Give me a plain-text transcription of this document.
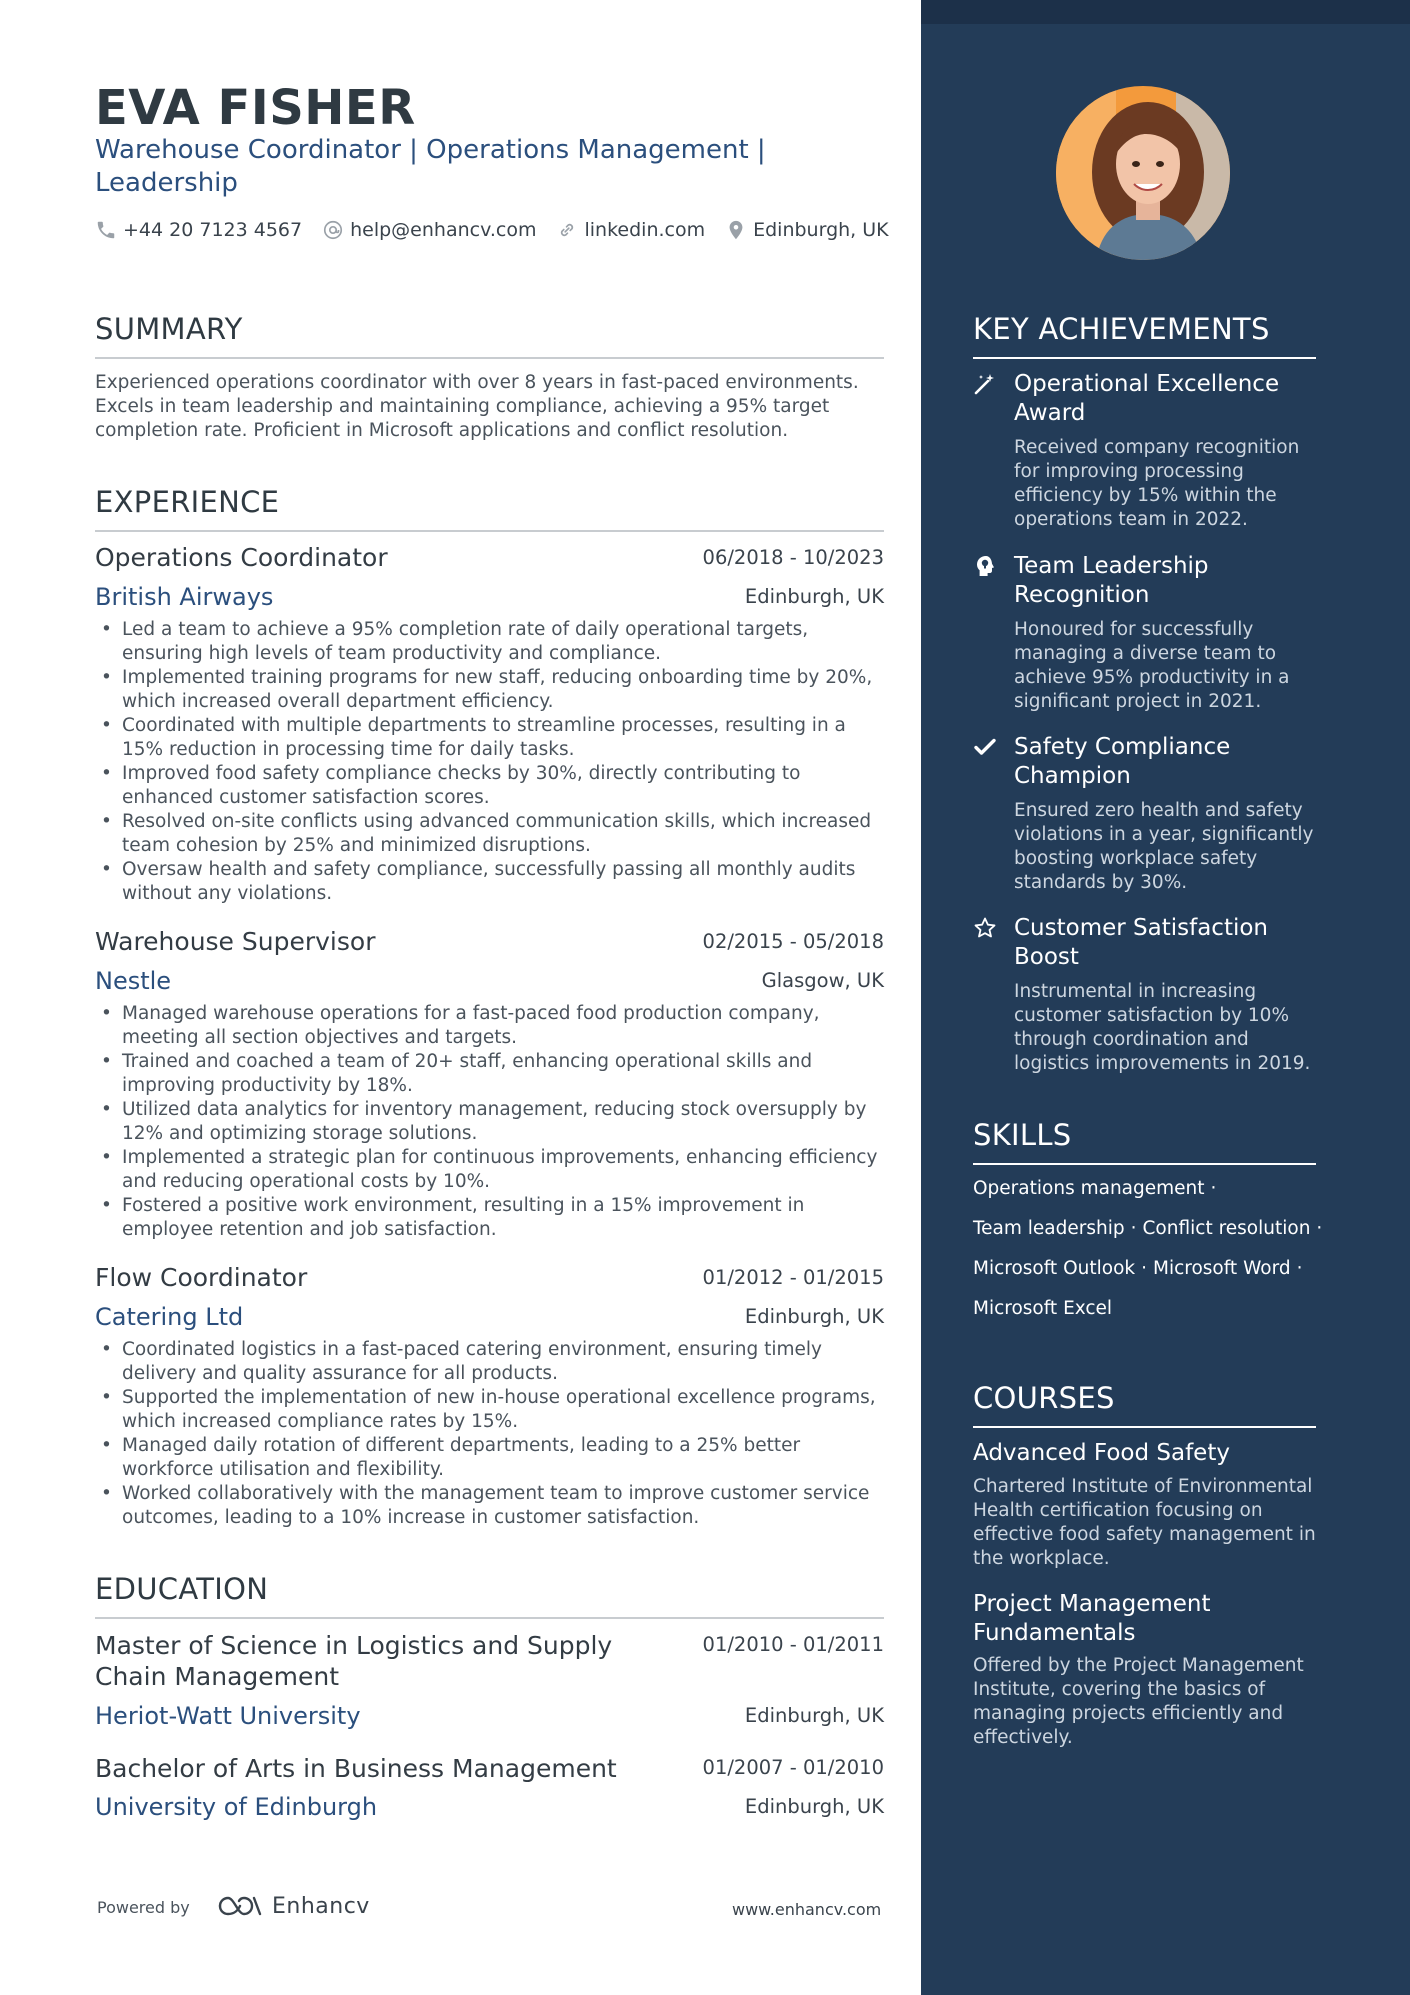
EVA FISHER
Warehouse Coordinator | Operations Management | Leadership
+44 20 7123 4567	help@enhancv.com	linkedin.com	Edinburgh, UK
SUMMARY
Experienced operations coordinator with over 8 years in fast-paced environments. Excels in team leadership and maintaining compliance, achieving a 95% target completion rate. Proficient in Microsoft applications and conflict resolution.
EXPERIENCE
Operations Coordinator	06/2018 - 10/2023
British Airways	Edinburgh, UK
• Led a team to achieve a 95% completion rate of daily operational targets, ensuring high levels of team productivity and compliance.
• Implemented training programs for new staff, reducing onboarding time by 20%, which increased overall department efficiency.
• Coordinated with multiple departments to streamline processes, resulting in a 15% reduction in processing time for daily tasks.
• Improved food safety compliance checks by 30%, directly contributing to enhanced customer satisfaction scores.
• Resolved on-site conflicts using advanced communication skills, which increased team cohesion by 25% and minimized disruptions.
• Oversaw health and safety compliance, successfully passing all monthly audits without any violations.
Warehouse Supervisor	02/2015 - 05/2018
Nestle	Glasgow, UK
• Managed warehouse operations for a fast-paced food production company, meeting all section objectives and targets.
• Trained and coached a team of 20+ staff, enhancing operational skills and improving productivity by 18%.
• Utilized data analytics for inventory management, reducing stock oversupply by 12% and optimizing storage solutions.
• Implemented a strategic plan for continuous improvements, enhancing efficiency and reducing operational costs by 10%.
• Fostered a positive work environment, resulting in a 15% improvement in employee retention and job satisfaction.
Flow Coordinator	01/2012 - 01/2015
Catering Ltd	Edinburgh, UK
• Coordinated logistics in a fast-paced catering environment, ensuring timely delivery and quality assurance for all products.
• Supported the implementation of new in-house operational excellence programs, which increased compliance rates by 15%.
• Managed daily rotation of different departments, leading to a 25% better workforce utilisation and flexibility.
• Worked collaboratively with the management team to improve customer service outcomes, leading to a 10% increase in customer satisfaction.
EDUCATION
Master of Science in Logistics and Supply Chain Management
01/2010 - 01/2011
Heriot-Watt University	Edinburgh, UK
Bachelor of Arts in Business Management	01/2007 - 01/2010
University of Edinburgh	Edinburgh, UK
Powered by	Enhancv	www.enhancv.com
KEY ACHIEVEMENTS
Operational Excellence Award
Received company recognition for improving processing efficiency by 15% within the operations team in 2022.
Team Leadership Recognition
Honoured for successfully managing a diverse team to achieve 95% productivity in a significant project in 2021.
Safety Compliance Champion
Ensured zero health and safety violations in a year, significantly boosting workplace safety standards by 30%.
Customer Satisfaction Boost
Instrumental in increasing customer satisfaction by 10% through coordination and logistics improvements in 2019.
SKILLS
Operations management ·
Team leadership · Conflict resolution ·
Microsoft Outlook · Microsoft Word ·
Microsoft Excel
COURSES
Advanced Food Safety
Chartered Institute of Environmental Health certification focusing on effective food safety management in the workplace.
Project Management Fundamentals
Offered by the Project Management Institute, covering the basics of managing projects efficiently and effectively.
